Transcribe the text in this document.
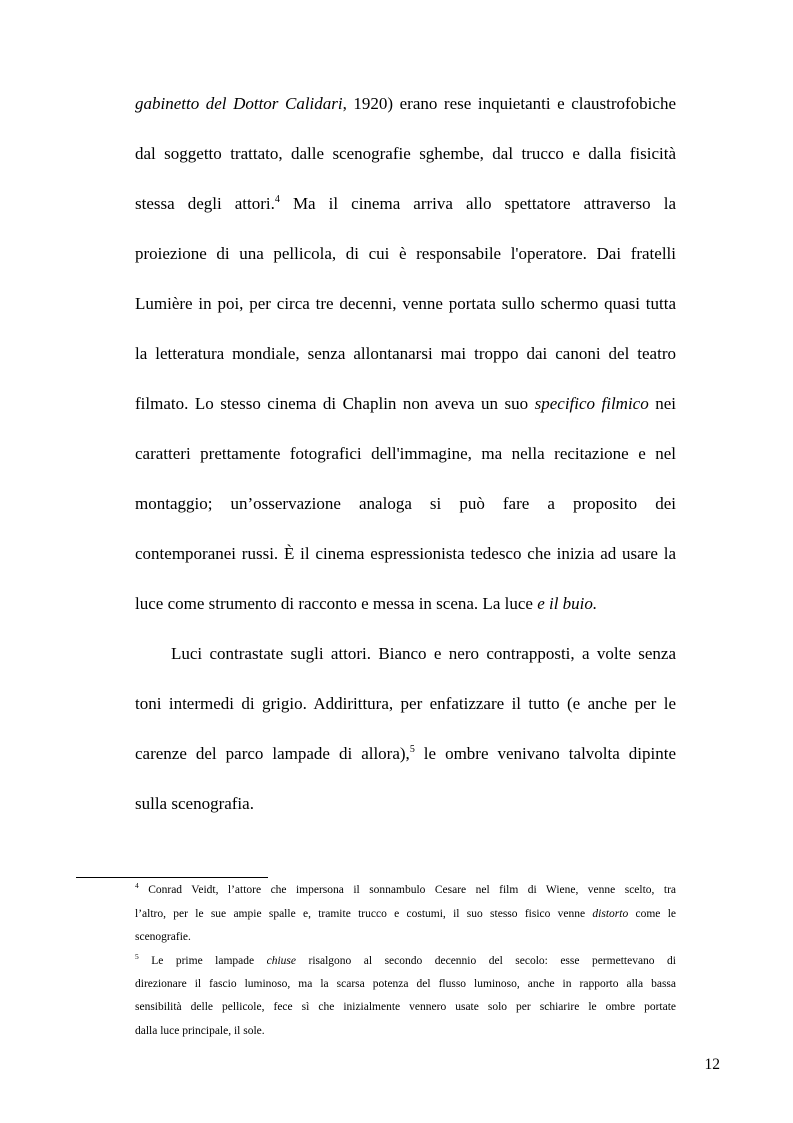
gabinetto del Dottor Calidari, 1920) erano rese inquietanti e claustrofobiche
dal soggetto trattato, dalle scenografie sghembe, dal trucco e dalla fisicità
stessa degli attori.$^4$ Ma il cinema arriva allo spettatore attraverso la
proiezione di una pellicola, di cui è responsabile l'operatore. Dai fratelli
Lumière in poi, per circa tre decenni, venne portata sullo schermo quasi tutta
la letteratura mondiale, senza allontanarsi mai troppo dai canoni del teatro
filmato. Lo stesso cinema di Chaplin non aveva un suo specifico filmico nei
caratteri prettamente fotografici dell'immagine, ma nella recitazione e nel
montaggio; un’osservazione analoga si può fare a proposito dei
contemporanei russi. È il cinema espressionista tedesco che inizia ad usare la
luce come strumento di racconto e messa in scena. La luce e il buio.
Luci contrastate sugli attori. Bianco e nero contrapposti, a volte senza
toni intermedi di grigio. Addirittura, per enfatizzare il tutto (e anche per le
carenze del parco lampade di allora),$^5$ le ombre venivano talvolta dipinte
sulla scenografia.
$^4$ Conrad Veidt, l’attore che impersona il sonnambulo Cesare nel film di Wiene, venne scelto, tra
l’altro, per le sue ampie spalle e, tramite trucco e costumi, il suo stesso fisico venne distorto come le
scenografie.
$^5$ Le prime lampade chiuse risalgono al secondo decennio del secolo: esse permettevano di
direzionare il fascio luminoso, ma la scarsa potenza del flusso luminoso, anche in rapporto alla bassa
sensibilità delle pellicole, fece sì che inizialmente vennero usate solo per schiarire le ombre portate
dalla luce principale, il sole.
12
